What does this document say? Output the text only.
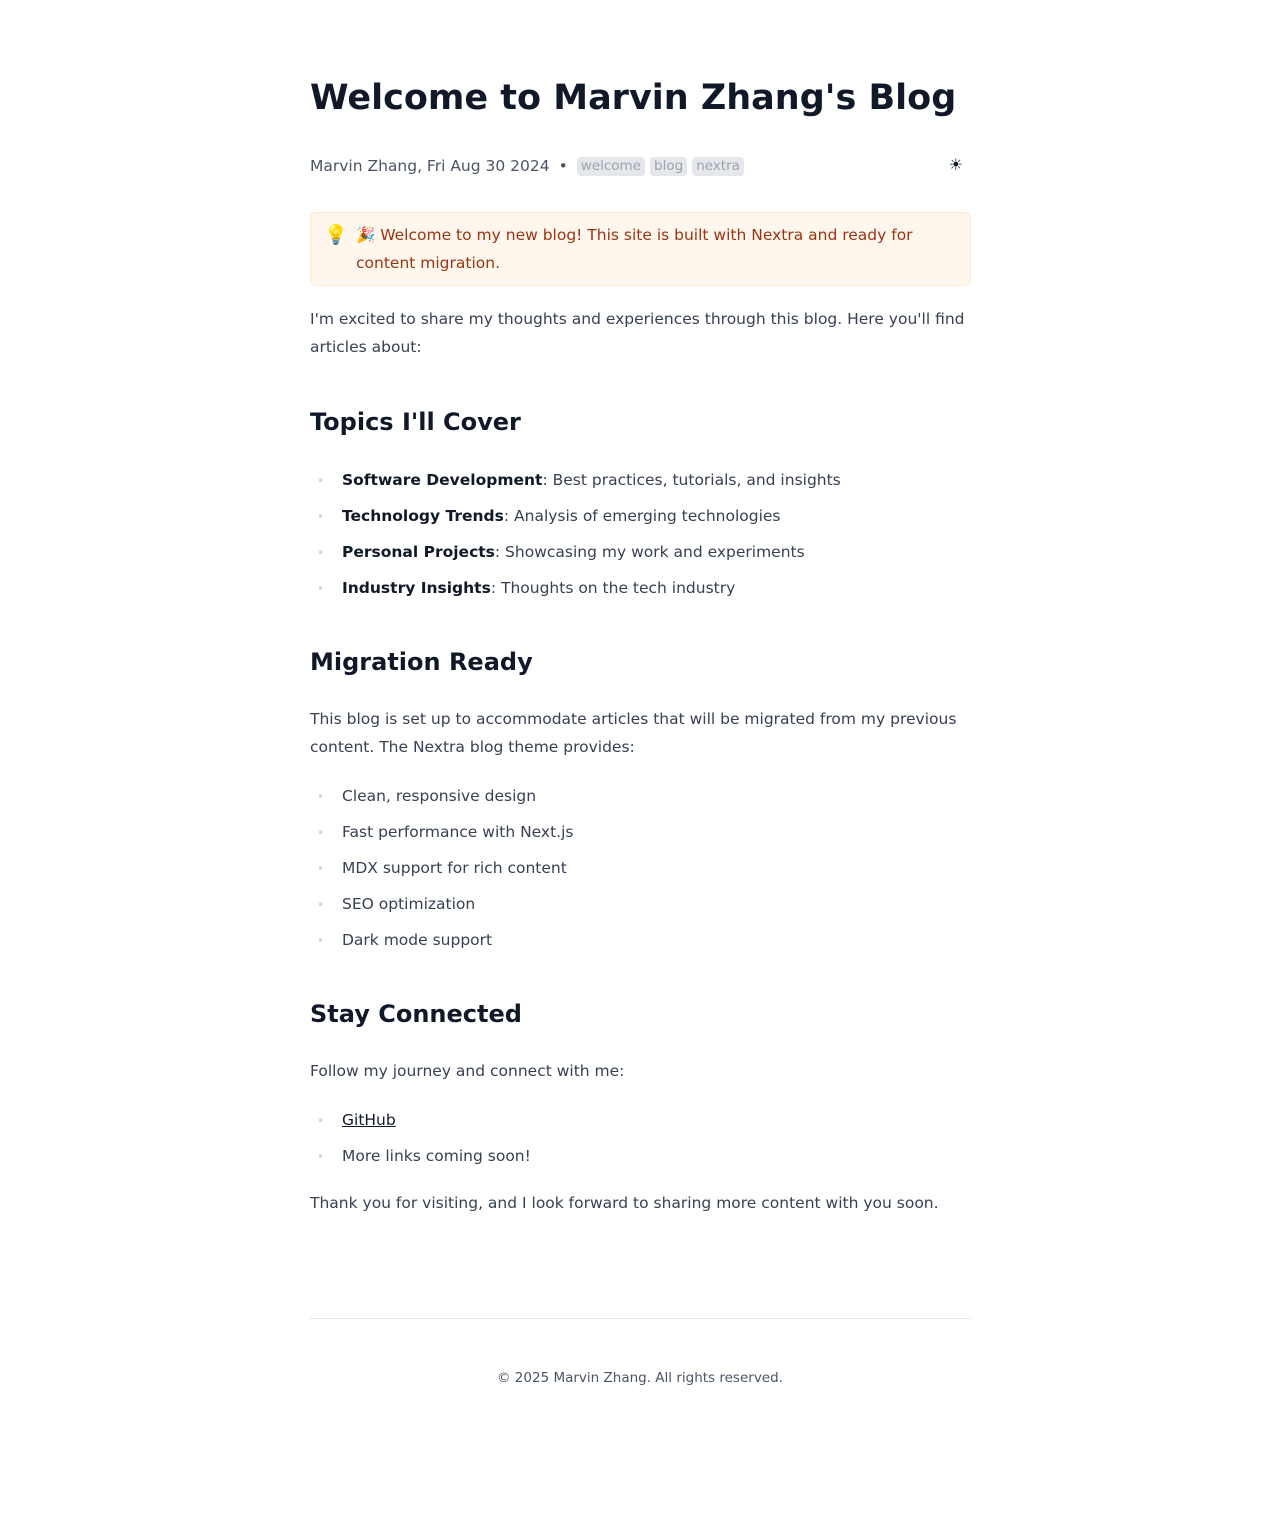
Welcome to Marvin Zhang's Blog
Marvin Zhang, Fri Aug 30 2024 • welcome blog nextra	☀
💡 🎉 Welcome to my new blog! This site is built with Nextra and ready for content migration.

I'm excited to share my thoughts and experiences through this blog. Here you'll find articles about:

Topics I'll Cover
• Software Development: Best practices, tutorials, and insights
• Technology Trends: Analysis of emerging technologies
• Personal Projects: Showcasing my work and experiments
• Industry Insights: Thoughts on the tech industry
Migration Ready

This blog is set up to accommodate articles that will be migrated from my previous content. The Nextra blog theme provides:

• Clean, responsive design
• Fast performance with Next.js
• MDX support for rich content
• SEO optimization
• Dark mode support
Stay Connected

Follow my journey and connect with me:

• GitHub
• More links coming soon!

Thank you for visiting, and I look forward to sharing more content with you soon.

© 2025 Marvin Zhang. All rights reserved.
